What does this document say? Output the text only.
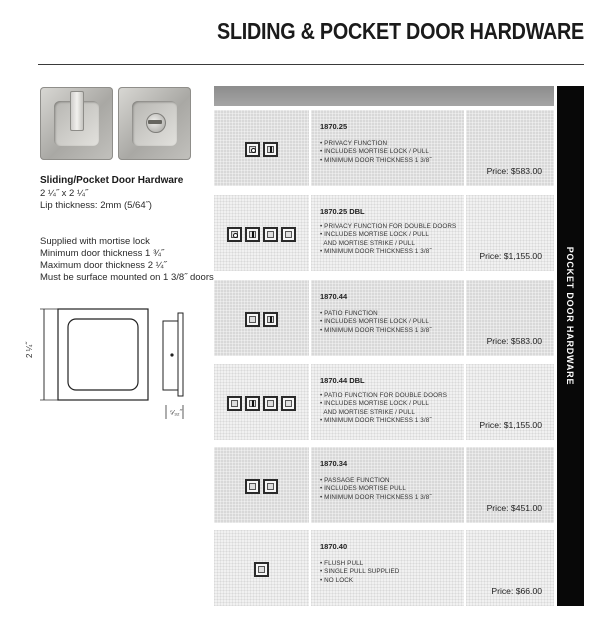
SLIDING & POCKET DOOR HARDWARE
Sliding/Pocket Door Hardware
2 ¼˝ x 2 ¼˝
Lip thickness: 2mm (5/64˝)
Supplied with mortise lock
Minimum door thickness 1 ¾˝
Maximum door thickness 2 ¼˝
Must be surface mounted on 1 3/8˝ doors
2 ¼˝
⁵⁄₃₂˝
POCKET DOOR HARDWARE
1870.25
• PRIVACY FUNCTION
• INCLUDES MORTISE LOCK / PULL
• MINIMUM DOOR THICKNESS 1 3/8˝
Price: $583.00
1870.25 DBL
• PRIVACY FUNCTION FOR DOUBLE DOORS
• INCLUDES MORTISE LOCK / PULL
AND MORTISE STRIKE / PULL
• MINIMUM DOOR THICKNESS 1 3/8˝	Price: $1,155.00
1870.44
• PATIO FUNCTION
• INCLUDES MORTISE LOCK / PULL
• MINIMUM DOOR THICKNESS 1 3/8˝
Price: $583.00
1870.44 DBL
• PATIO FUNCTION FOR DOUBLE DOORS
• INCLUDES MORTISE LOCK / PULL
AND MORTISE STRIKE / PULL
• MINIMUM DOOR THICKNESS 1 3/8˝	Price: $1,155.00
1870.34
• PASSAGE FUNCTION
• INCLUDES MORTISE PULL
• MINIMUM DOOR THICKNESS 1 3/8˝
Price: $451.00
1870.40
• FLUSH PULL
• SINGLE PULL SUPPLIED
• NO LOCK
Price: $66.00
